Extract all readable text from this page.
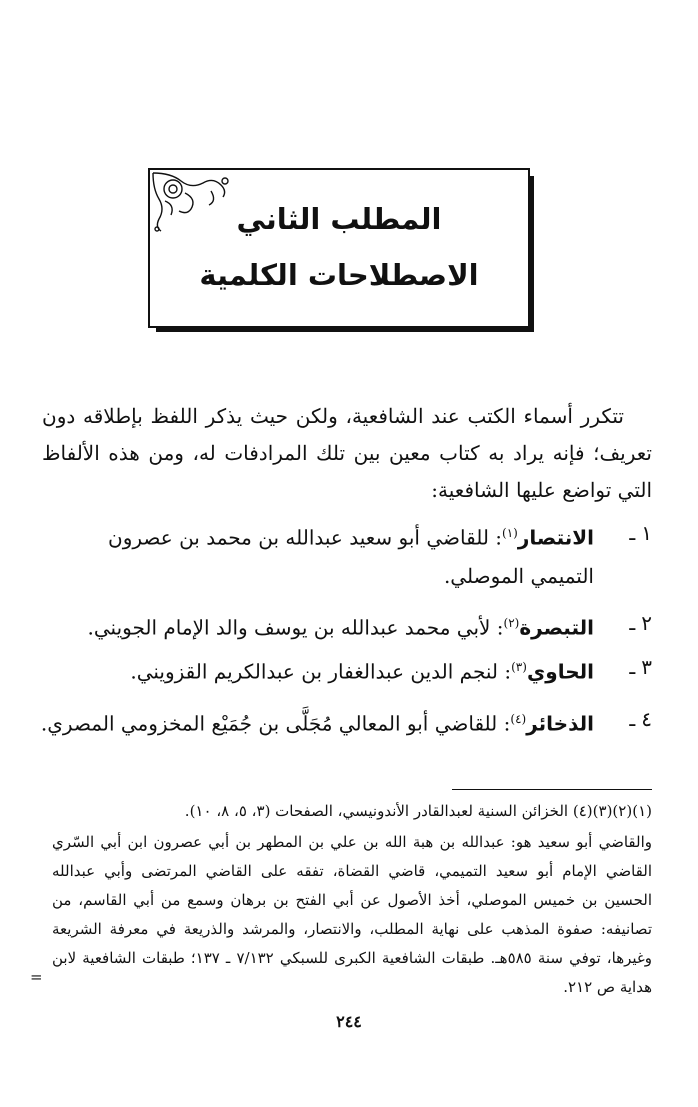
المطلب الثاني
الاصطلاحات الكلمية
تتكرر أسماء الكتب عند الشافعية، ولكن حيث يذكر اللفظ بإطلاقه دون تعريف؛ فإنه يراد به كتاب معين بين تلك المرادفات له، ومن هذه الألفاظ التي تواضع عليها الشافعية:
١ـ
الانتصار$^{(١)}$: للقاضي أبو سعيد عبدالله بن محمد بن عصرون التميمي الموصلي.
٢ـ
التبصرة$^{(٢)}$: لأبي محمد عبدالله بن يوسف والد الإمام الجويني.
٣ـ
الحاوي$^{(٣)}$: لنجم الدين عبدالغفار بن عبدالكريم القزويني.
٤ـ
الذخائر$^{(٤)}$: للقاضي أبو المعالي مُجَلَّى بن جُمَيْع المخزومي المصري.
(١)(٢)(٣)(٤) الخزائن السنية لعبدالقادر الأندونيسي، الصفحات (٣، ٥، ٨، ١٠).
والقاضي أبو سعيد هو: عبدالله بن هبة الله بن علي بن المطهر بن أبي عصرون ابن أبي السّري القاضي الإمام أبو سعيد التميمي، قاضي القضاة، تفقه على القاضي المرتضى وأبي عبدالله الحسين بن خميس الموصلي، أخذ الأصول عن أبي الفتح بن برهان وسمع من أبي القاسم، من تصانيفه: صفوة المذهب على نهاية المطلب، والانتصار، والمرشد والذريعة في معرفة الشريعة وغيرها، توفي سنة ٥٨٥هـ. طبقات الشافعية الكبرى للسبكي ٧/١٣٢ ـ ١٣٧؛ طبقات الشافعية لابن هداية ص ٢١٢.
=
٢٤٤
